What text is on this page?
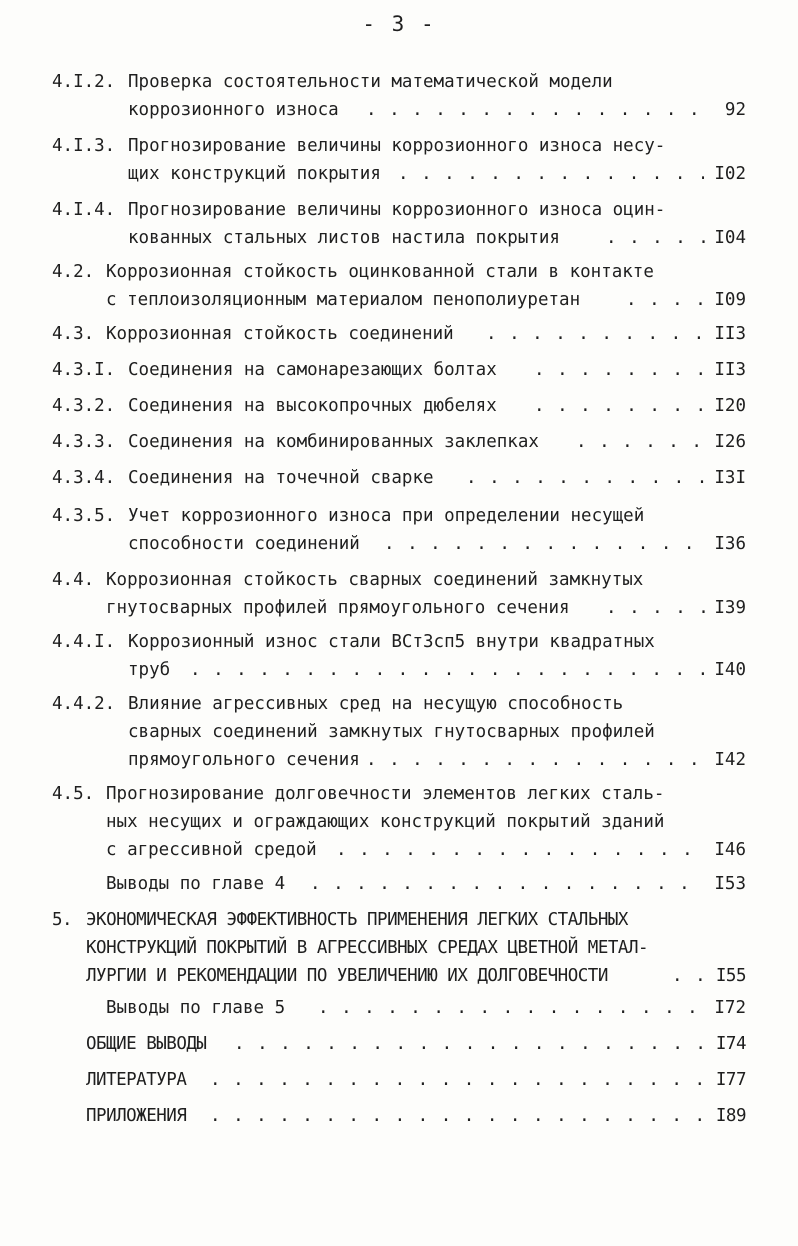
- 3 -
4.I.2. Проверка состоятельности математической модели
коррозионного износа . . .	92
4.I.3. Прогнозирование величины коррозионного износа несу-
щих конструкций покрытия . . .	I02
4.I.4. Прогнозирование величины коррозионного износа оцин-
кованных стальных листов настила покрытия . . .	I04
4.2. Коррозионная стойкость оцинкованной стали в контакте
с теплоизоляционным материалом пенополиуретан . . .	I09
4.3. Коррозионная стойкость соединений . . .	II3
4.3.I. Соединения на самонарезающих болтах . . .	II3
4.3.2. Соединения на высокопрочных дюбелях . . .	I20
4.3.3. Соединения на комбинированных заклепках . . .	I26
4.3.4. Соединения на точечной сварке . . .	I3I
4.3.5. Учет коррозионного износа при определении несущей
способности соединений . . .	I36
4.4. Коррозионная стойкость сварных соединений замкнутых
гнутосварных профилей прямоугольного сечения . . .	I39
4.4.I. Коррозионный износ стали ВСт3сп5 внутри квадратных
труб . . .	I40
4.4.2. Влияние агрессивных сред на несущую способность
сварных соединений замкнутых гнутосварных профилей
прямоугольного сечения . . .	I42
4.5. Прогнозирование долговечности элементов легких сталь-
ных несущих и ограждающих конструкций покрытий зданий
с агрессивной средой . . .	I46
Выводы по главе 4 . . .	I53
5. ЭКОНОМИЧЕСКАЯ ЭФФЕКТИВНОСТЬ ПРИМЕНЕНИЯ ЛЕГКИХ СТАЛЬНЫХ
КОНСТРУКЦИЙ ПОКРЫТИЙ В АГРЕССИВНЫХ СРЕДАХ ЦВЕТНОЙ МЕТАЛ-
ЛУРГИИ И РЕКОМЕНДАЦИИ ПО УВЕЛИЧЕНИЮ ИХ ДОЛГОВЕЧНОСТИ . . .	I55
Выводы по главе 5 . . .	I72
ОБЩИЕ ВЫВОДЫ . . .	I74
ЛИТЕРАТУРА . . .	I77
ПРИЛОЖЕНИЯ . . .	I89
